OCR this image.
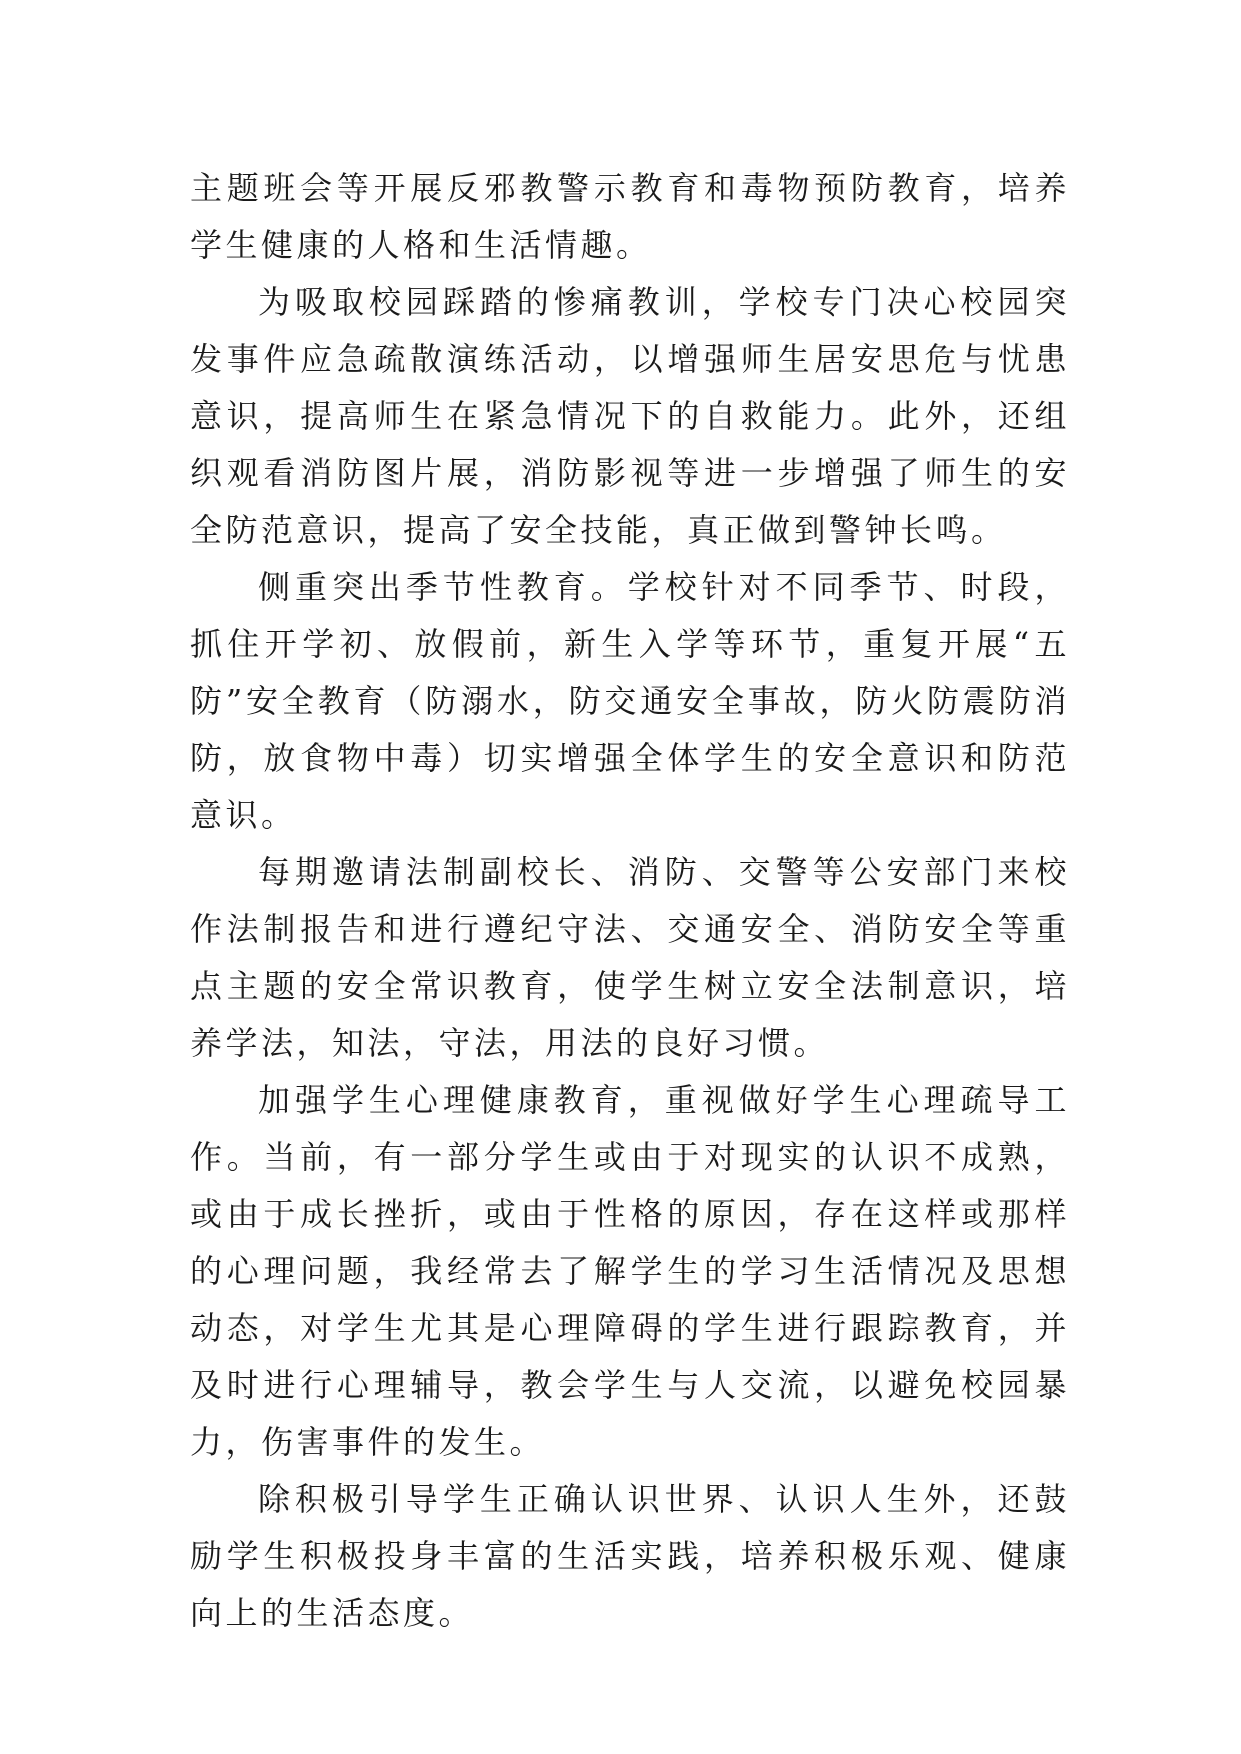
主题班会等开展反邪教警示教育和毒物预防教育，培养学生健康的人格和生活情趣。

为吸取校园踩踏的惨痛教训，学校专门决心校园突发事件应急疏散演练活动，以增强师生居安思危与忧患意识，提高师生在紧急情况下的自救能力。此外，还组织观看消防图片展，消防影视等进一步增强了师生的安全防范意识，提高了安全技能，真正做到警钟长鸣。

侧重突出季节性教育。学校针对不同季节、时段，抓住开学初、放假前，新生入学等环节，重复开展“五防”安全教育（防溺水，防交通安全事故，防火防震防消防，放食物中毒）切实增强全体学生的安全意识和防范意识。

每期邀请法制副校长、消防、交警等公安部门来校作法制报告和进行遵纪守法、交通安全、消防安全等重点主题的安全常识教育，使学生树立安全法制意识，培养学法，知法，守法，用法的良好习惯。

加强学生心理健康教育，重视做好学生心理疏导工作。当前，有一部分学生或由于对现实的认识不成熟，或由于成长挫折，或由于性格的原因，存在这样或那样的心理问题，我经常去了解学生的学习生活情况及思想动态，对学生尤其是心理障碍的学生进行跟踪教育，并及时进行心理辅导，教会学生与人交流，以避免校园暴力，伤害事件的发生。

除积极引导学生正确认识世界、认识人生外，还鼓励学生积极投身丰富的生活实践，培养积极乐观、健康向上的生活态度。
